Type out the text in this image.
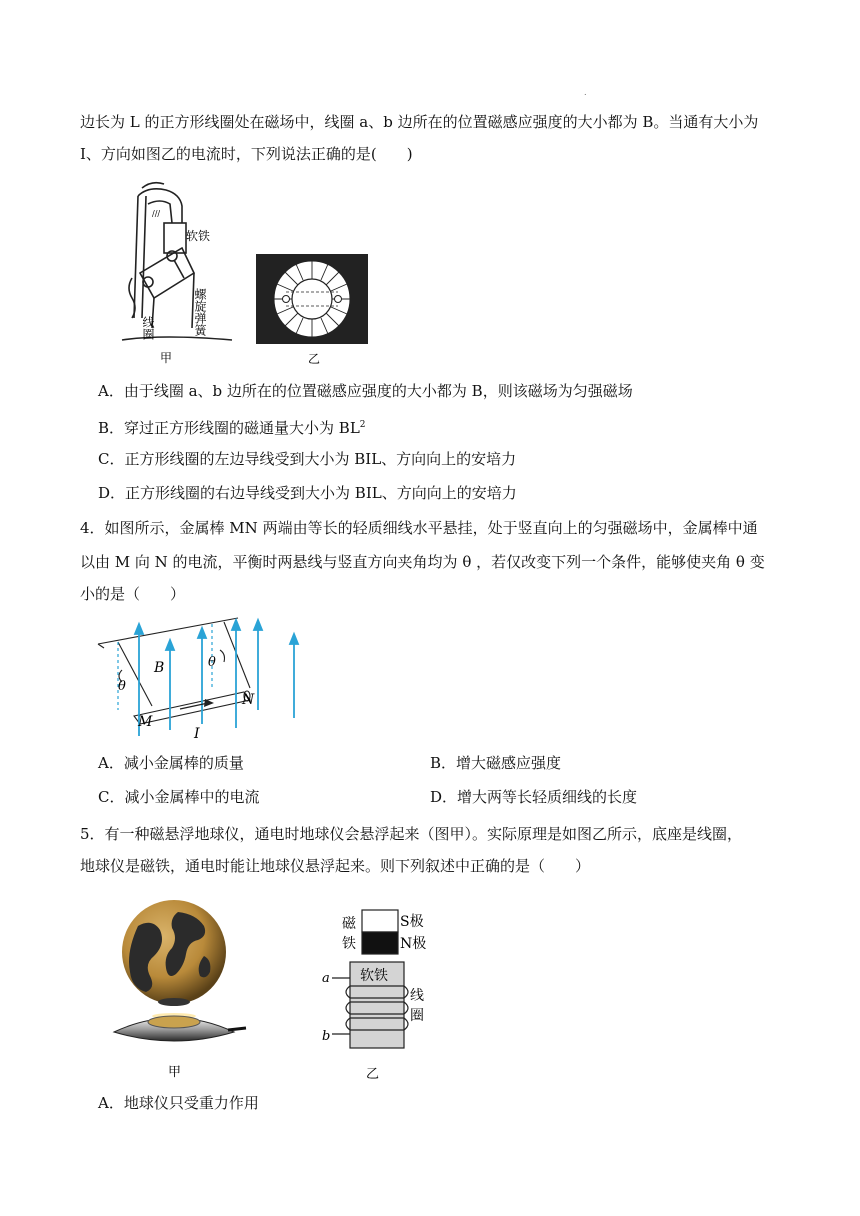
.
边长为 L 的正方形线圈处在磁场中，线圈 a、b 边所在的位置磁感应强度的大小都为 B。当通有大小为
I、方向如图乙的电流时，下列说法正确的是(　　)
///
软铁
螺旋弹簧
线圈
甲	乙
A．由于线圈 a、b 边所在的位置磁感应强度的大小都为 B，则该磁场为匀强磁场
B．穿过正方形线圈的磁通量大小为 $BL^2$
C．正方形线圈的左边导线受到大小为 BIL、方向向上的安培力
D．正方形线圈的右边导线受到大小为 BIL、方向向上的安培力
4．如图所示，金属棒 MN 两端由等长的轻质细线水平悬挂，处于竖直向上的匀强磁场中，金属棒中通
以由 M 向 N 的电流，平衡时两悬线与竖直方向夹角均为 θ ，若仅改变下列一个条件，能够使夹角 θ 变
小的是（　　）
B
θ
θ
M
N
I
A．减小金属棒的质量	B．增大磁感应强度
C．减小金属棒中的电流	D．增大两等长轻质细线的长度
5．有一种磁悬浮地球仪，通电时地球仪会悬浮起来（图甲）。实际原理是如图乙所示，底座是线圈，
地球仪是磁铁，通电时能让地球仪悬浮起来。则下列叙述中正确的是（　　）
甲
磁
铁
S极
N极
软铁
a
b
线
圈
乙
A．地球仪只受重力作用
